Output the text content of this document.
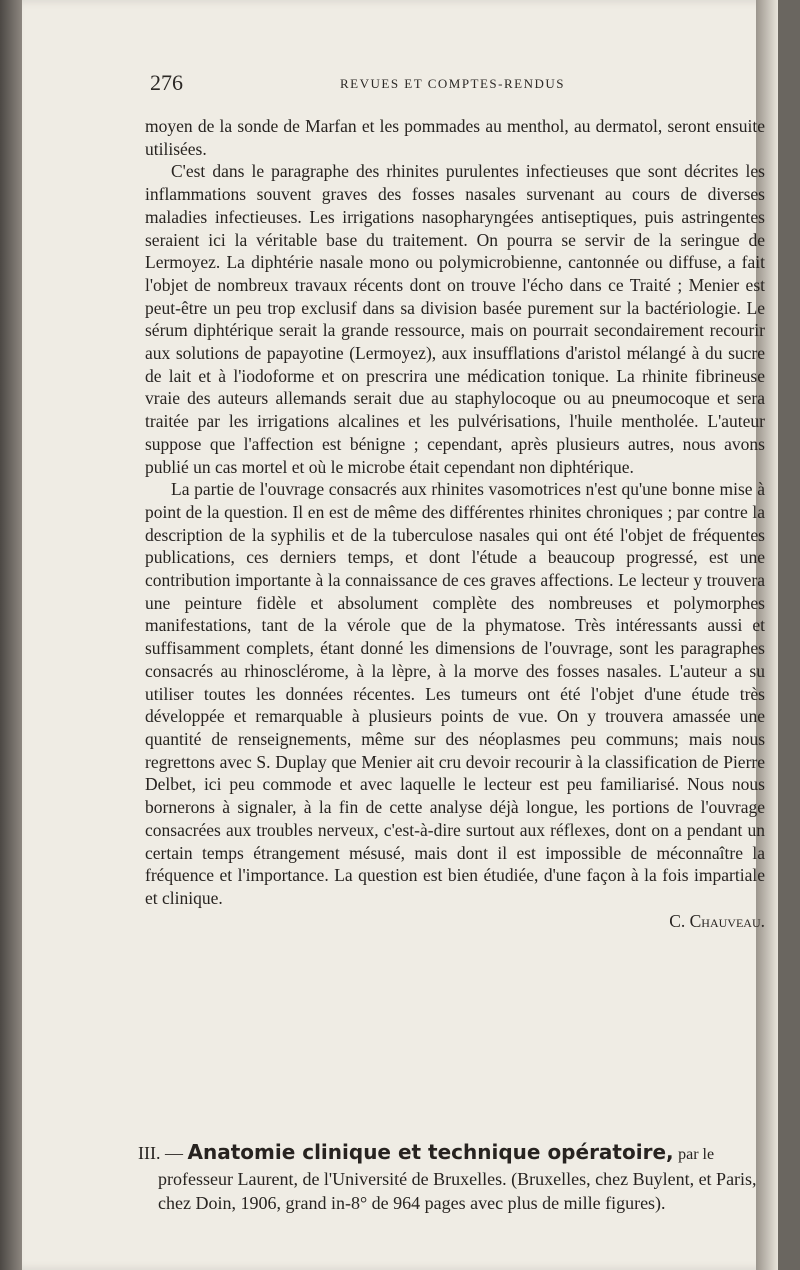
276	REVUES ET COMPTES-RENDUS

moyen de la sonde de Marfan et les pommades au menthol, au dermatol, seront ensuite utilisées.

C'est dans le paragraphe des rhinites purulentes infectieuses que sont décrites les inflammations souvent graves des fosses nasales survenant au cours de diverses maladies infectieuses. Les irrigations nasopharyngées antiseptiques, puis astringentes seraient ici la véritable base du traitement. On pourra se servir de la seringue de Lermoyez. La diphtérie nasale mono ou polymicrobienne, cantonnée ou diffuse, a fait l'objet de nombreux travaux récents dont on trouve l'écho dans ce Traité ; Menier est peut-être un peu trop exclusif dans sa division basée purement sur la bactériologie. Le sérum diphtérique serait la grande ressource, mais on pourrait secondairement recourir aux solutions de papayotine (Lermoyez), aux insufflations d'aristol mélangé à du sucre de lait et à l'iodoforme et on prescrira une médication tonique. La rhinite fibrineuse vraie des auteurs allemands serait due au staphylocoque ou au pneumocoque et sera traitée par les irrigations alcalines et les pulvérisations, l'huile mentholée. L'auteur suppose que l'affection est bénigne ; cependant, après plusieurs autres, nous avons publié un cas mortel et où le microbe était cependant non diphtérique.

La partie de l'ouvrage consacrés aux rhinites vasomotrices n'est qu'une bonne mise à point de la question. Il en est de même des différentes rhinites chroniques ; par contre la description de la syphilis et de la tuberculose nasales qui ont été l'objet de fréquentes publications, ces derniers temps, et dont l'étude a beaucoup progressé, est une contribution importante à la connaissance de ces graves affections. Le lecteur y trouvera une peinture fidèle et absolument complète des nombreuses et polymorphes manifestations, tant de la vérole que de la phymatose. Très intéressants aussi et suffisamment complets, étant donné les dimensions de l'ouvrage, sont les paragraphes consacrés au rhinosclérome, à la lèpre, à la morve des fosses nasales. L'auteur a su utiliser toutes les données récentes. Les tumeurs ont été l'objet d'une étude très développée et remarquable à plusieurs points de vue. On y trouvera amassée une quantité de renseignements, même sur des néoplasmes peu communs; mais nous regrettons avec S. Duplay que Menier ait cru devoir recourir à la classification de Pierre Delbet, ici peu commode et avec laquelle le lecteur est peu familiarisé. Nous nous bornerons à signaler, à la fin de cette analyse déjà longue, les portions de l'ouvrage consacrées aux troubles nerveux, c'est-à-dire surtout aux réflexes, dont on a pendant un certain temps étrangement mésusé, mais dont il est impossible de méconnaître la fréquence et l'importance. La question est bien étudiée, d'une façon à la fois impartiale et clinique.

C. Chauveau.
III. — Anatomie clinique et technique opératoire, par le
professeur Laurent, de l'Université de Bruxelles. (Bruxelles, chez Buylent, et Paris, chez Doin, 1906, grand in-8° de 964 pages avec plus de mille figures).
